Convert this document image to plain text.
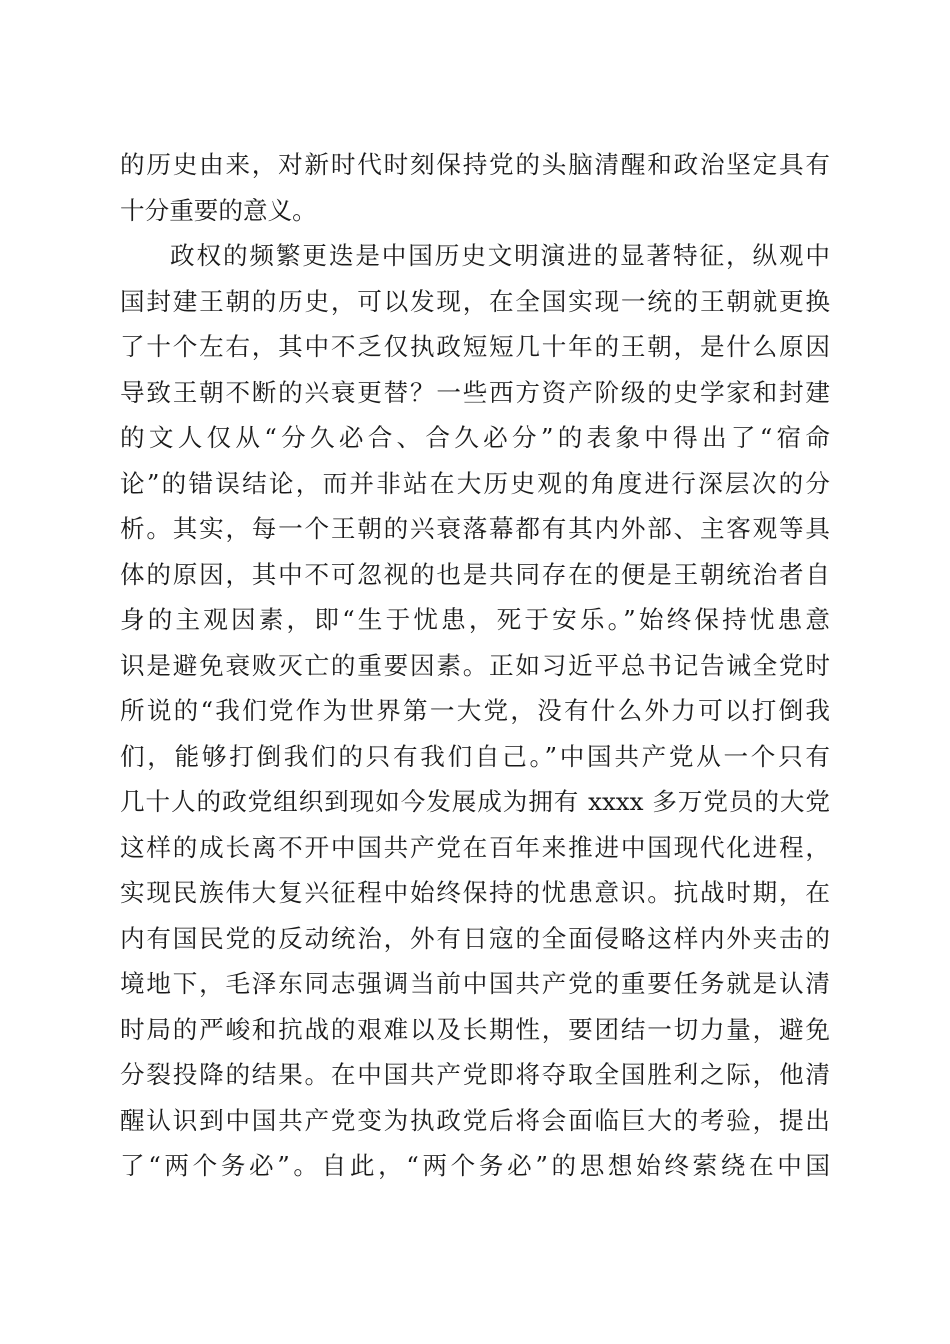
的历史由来，对新时代时刻保持党的头脑清醒和政治坚定具有
十分重要的意义。
政权的频繁更迭是中国历史文明演进的显著特征，纵观中
国封建王朝的历史，可以发现，在全国实现一统的王朝就更换
了十个左右，其中不乏仅执政短短几十年的王朝，是什么原因
导致王朝不断的兴衰更替？一些西方资产阶级的史学家和封建
的文人仅从“分久必合、合久必分”的表象中得出了“宿命
论”的错误结论，而并非站在大历史观的角度进行深层次的分
析。其实，每一个王朝的兴衰落幕都有其内外部、主客观等具
体的原因，其中不可忽视的也是共同存在的便是王朝统治者自
身的主观因素，即“生于忧患，死于安乐。”始终保持忧患意
识是避免衰败灭亡的重要因素。正如习近平总书记告诫全党时
所说的“我们党作为世界第一大党，没有什么外力可以打倒我
们，能够打倒我们的只有我们自己。”中国共产党从一个只有
几十人的政党组织到现如今发展成为拥有 xxxx 多万党员的大党
这样的成长离不开中国共产党在百年来推进中国现代化进程，
实现民族伟大复兴征程中始终保持的忧患意识。抗战时期，在
内有国民党的反动统治，外有日寇的全面侵略这样内外夹击的
境地下，毛泽东同志强调当前中国共产党的重要任务就是认清
时局的严峻和抗战的艰难以及长期性，要团结一切力量，避免
分裂投降的结果。在中国共产党即将夺取全国胜利之际，他清
醒认识到中国共产党变为执政党后将会面临巨大的考验，提出
了“两个务必”。自此，“两个务必”的思想始终萦绕在中国
